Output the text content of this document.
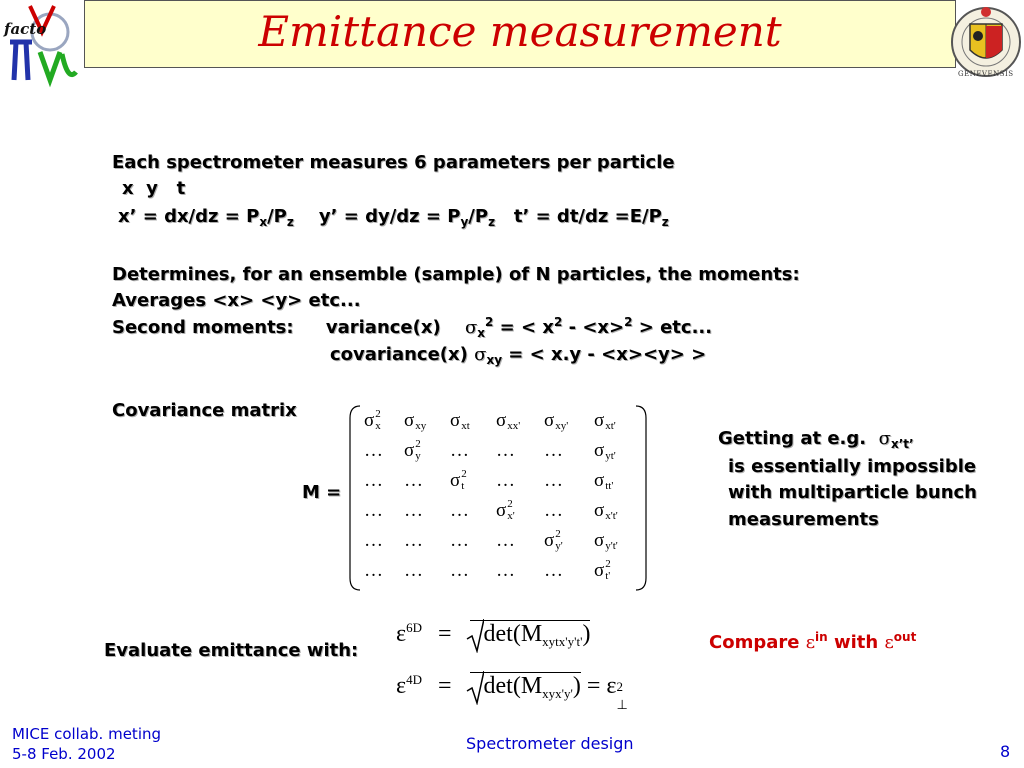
facto	Emittance measurement
GENEVENSIS
Each spectrometer measures 6 parameters per particle
x  y   t
x’ = $dx/dz = P_x/P_z$ y’ = $dy/dz = P_y/P_z$ t’ = $dt/dz =E/P_z$
Determines, for an ensemble (sample) of N particles, the moments:
Averages <x> <y> etc...
Second moments: variance(x) $\sigma_x^2$ = < $x^2 - <x>^2$ > etc...
covariance(x) $\sigma_{xy}$ = < x.y - <x><y> >
Covariance matrix
M =
σ 2
x σ xy σ xt σ xx' σ xy' σ xt'
… σ 2
y … … … σ yt'
… … σ 2
t … … σ tt'
… … … σ 2
x' … σ x't'
… … … … σ 2
y' σ y't'
… … … … … σ 2
t'
Getting at e.g. $\sigma_{x’t’}$
is essentially impossible
with multiparticle bunch
measurements
Evaluate emittance with:
$\varepsilon^{6D} = \det(M_{xytx'y't'})$
$\varepsilon^{4D} = \det(M_{xyx'y'}) = \varepsilon$ 2
⊥
Compare $\varepsilon^{in}$ with $\varepsilon^{out}$
MICE collab. meting
5-8 Feb. 2002
Spectrometer design	8
